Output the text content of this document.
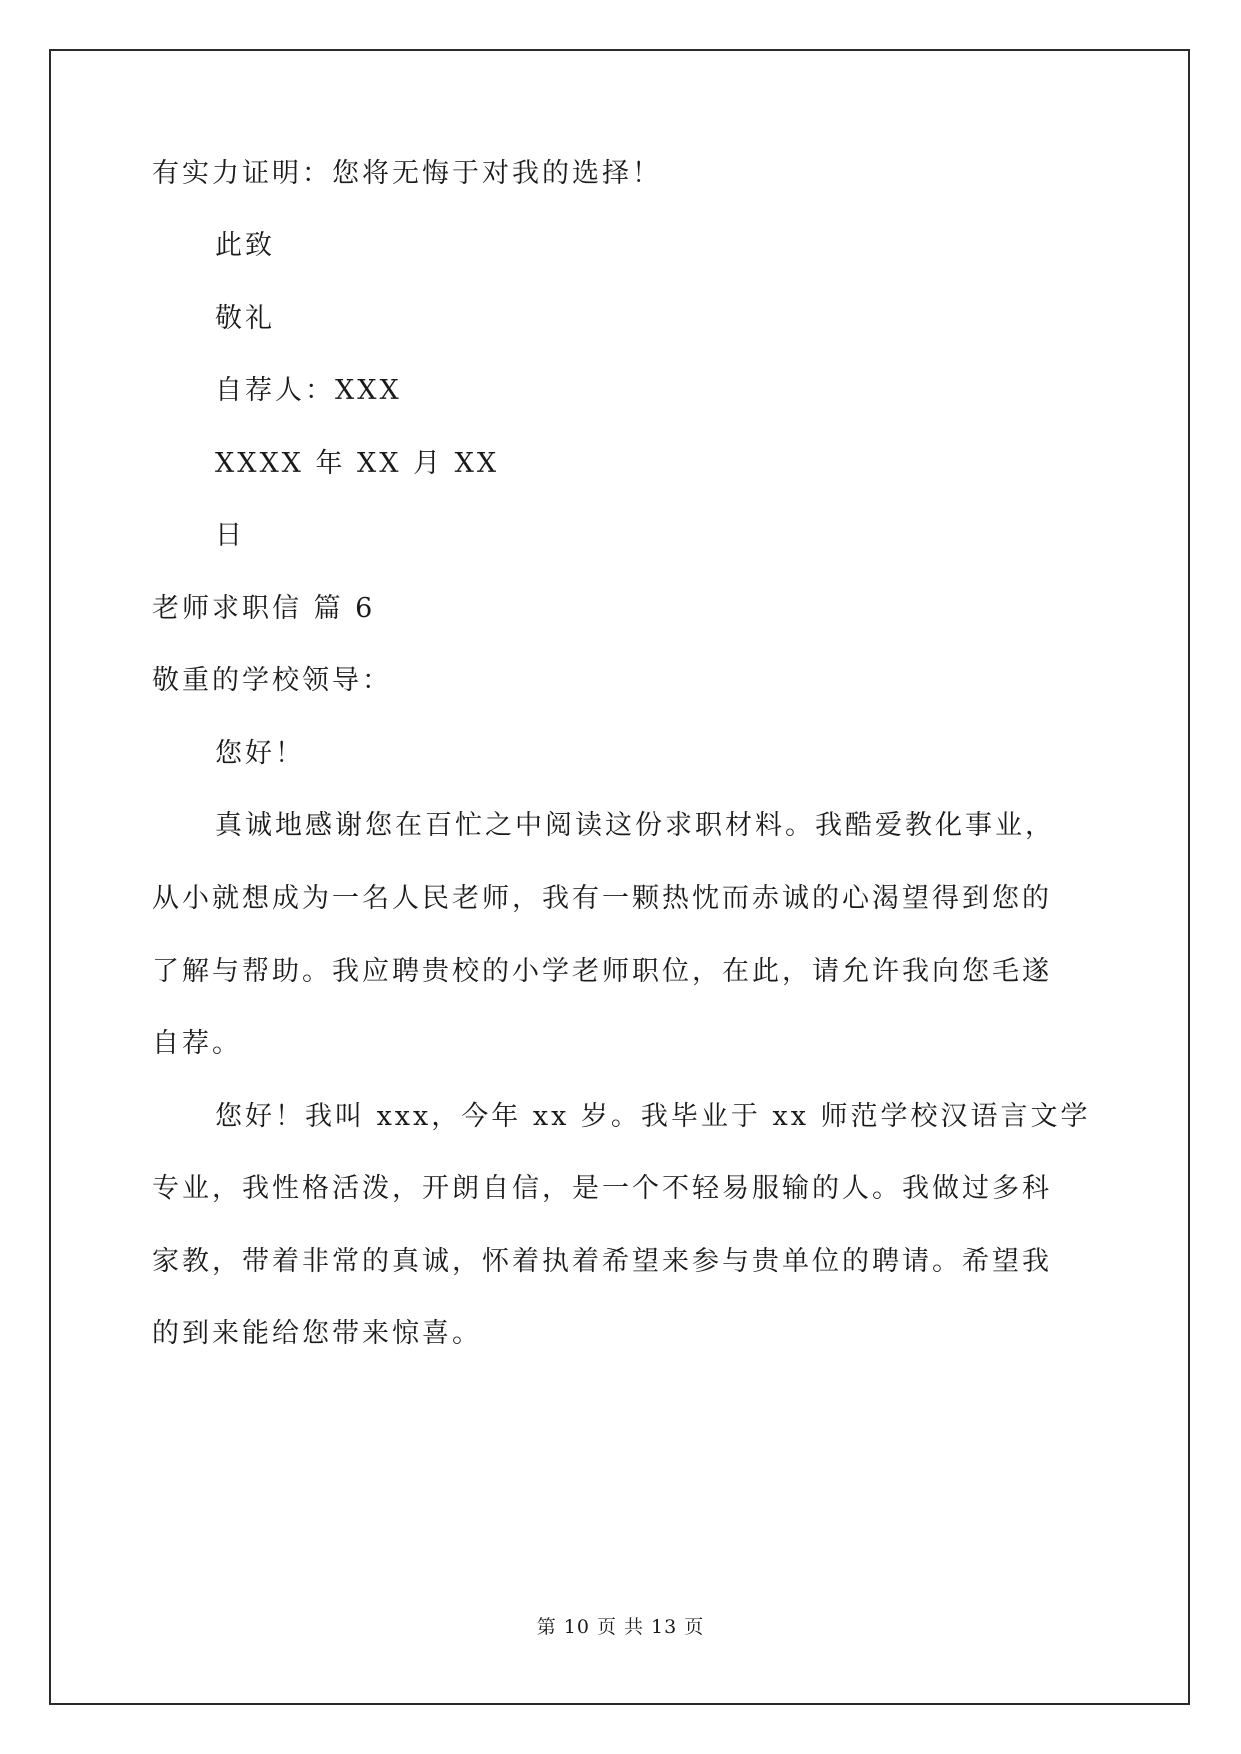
有实力证明：您将无悔于对我的选择！
此致
敬礼
自荐人：XXX
XXXX 年 XX 月 XX
日
老师求职信 篇 6
敬重的学校领导：
您好！
真诚地感谢您在百忙之中阅读这份求职材料。我酷爱教化事业，
从小就想成为一名人民老师，我有一颗热忱而赤诚的心渴望得到您的
了解与帮助。我应聘贵校的小学老师职位，在此，请允许我向您毛遂
自荐。
您好！我叫 xxx，今年 xx 岁。我毕业于 xx 师范学校汉语言文学
专业，我性格活泼，开朗自信，是一个不轻易服输的人。我做过多科
家教，带着非常的真诚，怀着执着希望来参与贵单位的聘请。希望我
的到来能给您带来惊喜。
第 10 页 共 13 页
